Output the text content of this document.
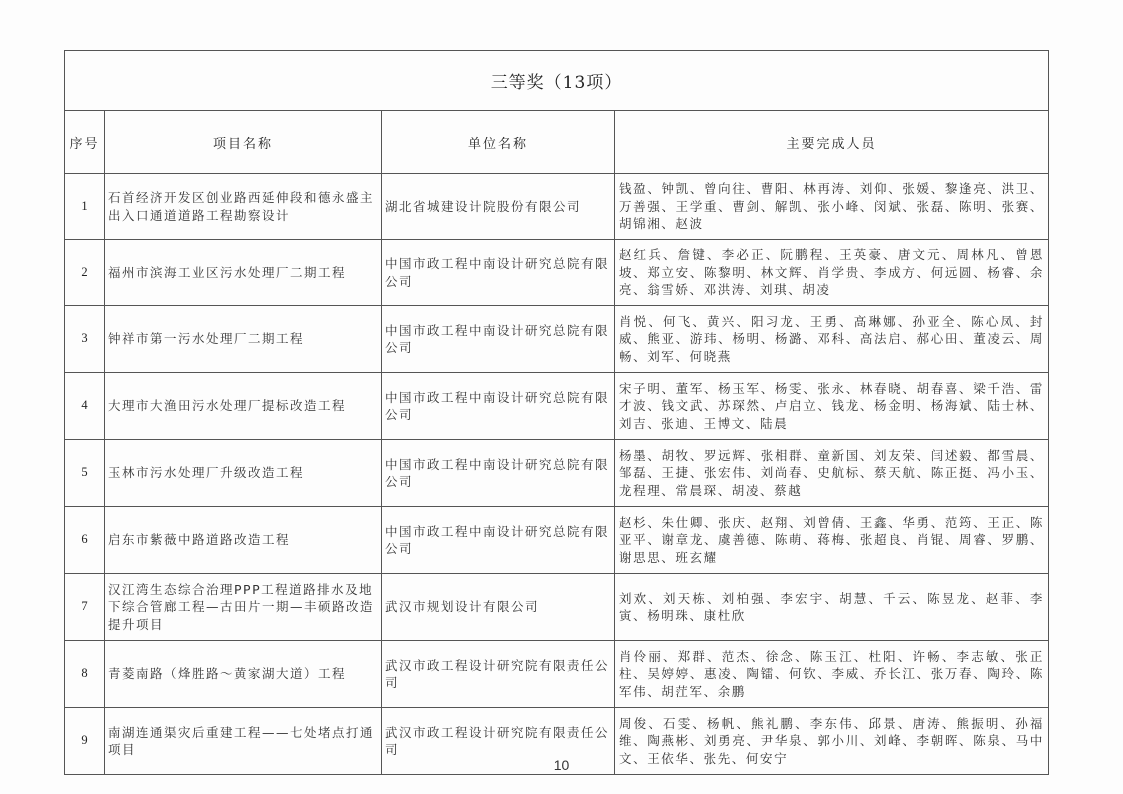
三等奖（13项）			
序号	项目名称	单位名称	主要完成人员
1	石首经济开发区创业路西延伸段和德永盛主出入口通道道路工程勘察设计	湖北省城建设计院股份有限公司	钱盈、钟凯、曾向往、曹阳、林再涛、刘仰、张媛、黎逢亮、洪卫、万善强、王学重、曹剑、解凯、张小峰、闵斌、张磊、陈明、张赛、胡锦湘、赵波
2	福州市滨海工业区污水处理厂二期工程	中国市政工程中南设计研究总院有限公司	赵红兵、詹键、李必正、阮鹏程、王英豪、唐文元、周林凡、曾恩坡、郑立安、陈黎明、林文辉、肖学贵、李成方、何远圆、杨睿、余亮、翁雪娇、邓洪涛、刘琪、胡凌
3	钟祥市第一污水处理厂二期工程	中国市政工程中南设计研究总院有限公司	肖悦、何飞、黄兴、阳习龙、王勇、高琳娜、孙亚全、陈心凤、封威、熊亚、游玮、杨明、杨潞、邓科、高法启、郝心田、董凌云、周畅、刘军、何晓燕
4	大理市大渔田污水处理厂提标改造工程	中国市政工程中南设计研究总院有限公司	宋子明、董军、杨玉军、杨雯、张永、林春晓、胡春喜、梁千浩、雷才波、钱文武、苏琛然、卢启立、钱龙、杨金明、杨海斌、陆士林、刘吉、张迪、王博文、陆晨
5	玉林市污水处理厂升级改造工程	中国市政工程中南设计研究总院有限公司	杨墨、胡牧、罗远辉、张相群、童新国、刘友荣、闫述毅、都雪晨、邹磊、王捷、张宏伟、刘尚春、史航标、蔡天航、陈正挺、冯小玉、龙程理、常晨琛、胡凌、蔡越
6	启东市紫薇中路道路改造工程	中国市政工程中南设计研究总院有限公司	赵杉、朱仕卿、张庆、赵翔、刘曾倩、王鑫、华勇、范筠、王正、陈亚平、谢章龙、虞善德、陈萌、蒋梅、张超良、肖锟、周睿、罗鹏、谢思思、班玄耀
7	汉江湾生态综合治理PPP工程道路排水及地下综合管廊工程—古田片一期—丰硕路改造提升项目	武汉市规划设计有限公司	刘欢、刘天栋、刘柏强、李宏宇、胡慧、千云、陈昱龙、赵菲、李寅、杨明珠、康杜欣
8	青菱南路（烽胜路～黄家湖大道）工程	武汉市政工程设计研究院有限责任公司	肖伶丽、郑群、范杰、徐念、陈玉江、杜阳、许畅、李志敏、张正柱、吴婷婷、惠凌、陶镭、何钦、李威、乔长江、张万春、陶玲、陈军伟、胡茳军、余鹏
9	南湖连通渠灾后重建工程——七处堵点打通项目	武汉市政工程设计研究院有限责任公司	周俊、石雯、杨帆、熊礼鹏、李东伟、邱景、唐涛、熊振明、孙福维、陶燕彬、刘勇亮、尹华泉、郭小川、刘峰、李朝晖、陈泉、马中文、王依华、张先、何安宁
10
